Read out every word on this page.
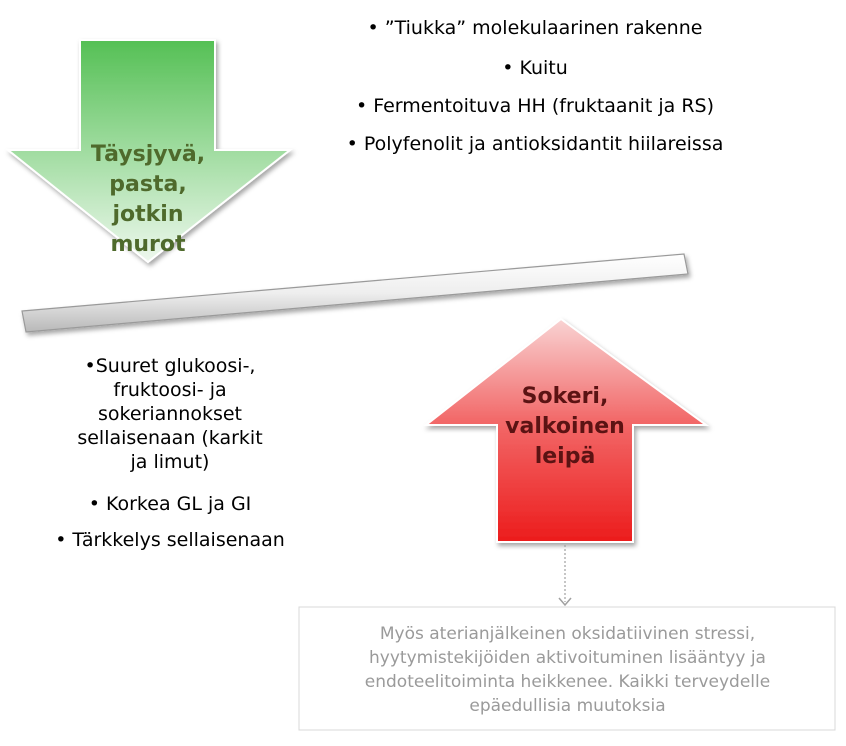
• ”Tiukka” molekulaarinen rakenne
• Kuitu
• Fermentoituva HH (fruktaanit ja RS)
• Polyfenolit ja antioksidantit hiilareissa
Täysjyvä, pasta, jotkin murot
Sokeri, valkoinen leipä
•Suuret glukoosi-, fruktoosi- ja sokeriannokset sellaisenaan (karkit ja limut)
• Korkea GL ja GI
• Tärkkelys sellaisenaan
Myös aterianjälkeinen oksidatiivinen stressi, hyytymistekijöiden aktivoituminen lisääntyy ja endoteelitoiminta heikkenee. Kaikki terveydelle epäedullisia muutoksia
